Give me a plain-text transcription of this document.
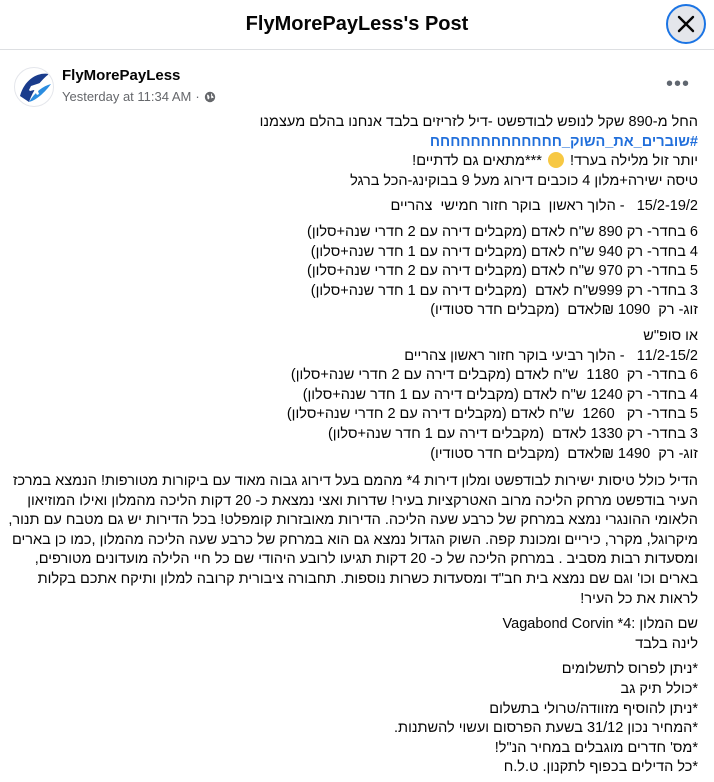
FlyMorePayLess's Post
FlyMorePayLess
Yesterday at 11:34 AM ·
•••
החל מ-890 שקל לנופש לבודפשט -דיל לזריזים בלבד אנחנו בהלם מעצמנו #שוברים_את_השוק_חחחחחחחחחחחחח
יותר זול מלילה בערד!  ***מתאים גם לדתיים!
טיסה ישירה+מלון 4 כוכבים דירוג מעל 9 בבוקינג-הכל ברגל
15/2-19/2   - הלוך ראשון  בוקר חזור חמישי  צהריים
6 בחדר- רק 890 ש"ח לאדם (מקבלים דירה עם 2 חדרי שנה+סלון)
4 בחדר- רק 940 ש"ח לאדם (מקבלים דירה עם 1 חדר שנה+סלון)
5 בחדר- רק 970 ש"ח לאדם (מקבלים דירה עם 2 חדרי שנה+סלון)
3 בחדר- רק 999ש"ח לאדם  (מקבלים דירה עם 1 חדר שנה+סלון)
זוג- רק  1090 ₪לאדם  (מקבלים חדר סטודיו)
או סופ"ש
11/2-15/2   - הלוך רביעי בוקר חזור ראשון צהריים
6 בחדר- רק  1180  ש"ח לאדם (מקבלים דירה עם 2 חדרי שנה+סלון)
4 בחדר- רק 1240 ש"ח לאדם (מקבלים דירה עם 1 חדר שנה+סלון)
5 בחדר- רק   1260  ש"ח לאדם (מקבלים דירה עם 2 חדרי שנה+סלון)
3 בחדר- רק 1330 לאדם  (מקבלים דירה עם 1 חדר שנה+סלון)
זוג- רק  1490 ₪לאדם  (מקבלים חדר סטודיו)
הדיל כולל טיסות ישירות לבודפשט ומלון דירות 4* מהמם בעל דירוג גבוה מאוד עם ביקורות מטורפות! הנמצא במרכז העיר בודפשט מרחק הליכה מרוב האטרקציות בעיר! שדרות ואצי נמצאת כ- 20 דקות הליכה מהמלון ואילו המוזיאון הלאומי ההונגרי נמצא במרחק של כרבע שעה הליכה. הדירות מאובזרות קומפלט! בכל הדירות יש גם מטבח עם תנור, מיקרוגל, מקרר, כיריים ומכונת קפה. השוק הגדול נמצא גם הוא במרחק של כרבע שעה הליכה מהמלון ,כמו כן בארים ומסעדות רבות מסביב . במרחק הליכה של כ- 20 דקות תגיעו לרובע היהודי שם כל חיי הלילה מועדונים מטורפים, בארים וכו' וגם שם נמצא בית חב"ד ומסעדות כשרות נוספות. תחבורה ציבורית קרובה למלון ותיקח אתכם בקלות לראות את כל העיר!
שם המלון :4* Vagabond Corvin
לינה בלבד
*ניתן לפרוס לתשלומים
*כולל תיק גב
*ניתן להוסיף מזוודה/טרולי בתשלום
*המחיר נכון 31/12 בשעת הפרסום ועשוי להשתנות.
*מס' חדרים מוגבלים במחיר הנ"ל!
*כל הדילים בכפוף לתקנון. ט.ל.ח
